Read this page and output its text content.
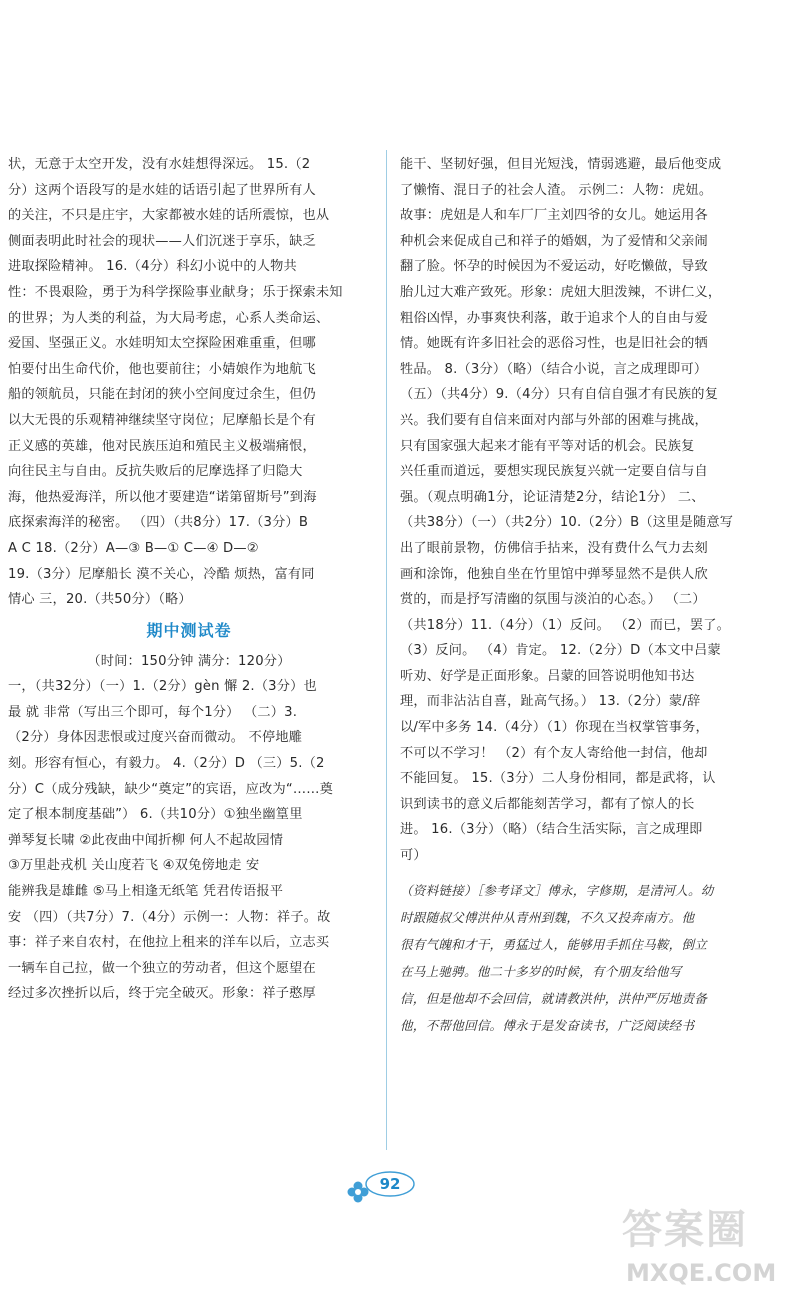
状，无意于太空开发，没有水娃想得深远。 15.（2
分）这两个语段写的是水娃的话语引起了世界所有人
的关注，不只是庄宇，大家都被水娃的话所震惊，也从
侧面表明此时社会的现状——人们沉迷于享乐，缺乏
进取探险精神。 16.（4分）科幻小说中的人物共
性：不畏艰险，勇于为科学探险事业献身；乐于探索未知
的世界；为人类的利益，为大局考虑，心系人类命运、
爱国、坚强正义。水娃明知太空探险困难重重，但哪
怕要付出生命代价，他也要前往；小婧娘作为地航飞
船的领航员，只能在封闭的狭小空间度过余生，但仍
以大无畏的乐观精神继续坚守岗位；尼摩船长是个有
正义感的英雄，他对民族压迫和殖民主义极端痛恨，
向往民主与自由。反抗失败后的尼摩选择了归隐大
海，他热爱海洋，所以他才要建造“诺第留斯号”到海
底探索海洋的秘密。 （四）（共8分）17.（3分）B
A C 18.（2分）A—③ B—① C—④ D—②
19.（3分）尼摩船长 漠不关心，冷酷 烦热，富有同
情心 三，20.（共50分）（略）
期中测试卷
（时间：150分钟 满分：120分）
一，（共32分）（一）1.（2分）gèn 懈 2.（3分）也
最 就 非常（写出三个即可，每个1分） （二）3.
（2分）身体因悲恨或过度兴奋而微动。 不停地雕
刻。形容有恒心，有毅力。 4.（2分）D （三）5.（2
分）C（成分残缺，缺少“奠定”的宾语，应改为“……奠
定了根本制度基础”） 6.（共10分）①独坐幽篁里
弹琴复长啸 ②此夜曲中闻折柳 何人不起故园情
③万里赴戎机 关山度若飞 ④双兔傍地走 安
能辨我是雄雌 ⑤马上相逢无纸笔 凭君传语报平
安 （四）（共7分）7.（4分）示例一：人物：祥子。故
事：祥子来自农村，在他拉上租来的洋车以后，立志买
一辆车自己拉，做一个独立的劳动者，但这个愿望在
经过多次挫折以后，终于完全破灭。形象：祥子憨厚
能干、坚韧好强，但目光短浅，情弱逃避，最后他变成
了懒惰、混日子的社会人渣。 示例二：人物：虎妞。
故事：虎妞是人和车厂厂主刘四爷的女儿。她运用各
种机会来促成自己和祥子的婚姻，为了爱情和父亲闹
翻了脸。怀孕的时候因为不爱运动，好吃懒做，导致
胎儿过大难产致死。形象：虎妞大胆泼辣，不讲仁义，
粗俗凶悍，办事爽快利落，敢于追求个人的自由与爱
情。她既有许多旧社会的恶俗习性，也是旧社会的牺
牲品。 8.（3分）（略）（结合小说，言之成理即可）
（五）（共4分）9.（4分）只有自信自强才有民族的复
兴。我们要有自信来面对内部与外部的困难与挑战，
只有国家强大起来才能有平等对话的机会。民族复
兴任重而道远，要想实现民族复兴就一定要自信与自
强。（观点明确1分，论证清楚2分，结论1分） 二、
（共38分）（一）（共2分）10.（2分）B（这里是随意写
出了眼前景物，仿佛信手拈来，没有费什么气力去刻
画和涂饰，他独自坐在竹里馆中弹琴显然不是供人欣
赏的，而是抒写清幽的氛围与淡泊的心态。） （二）
（共18分）11.（4分）（1）反问。 （2）而已，罢了。
（3）反问。 （4）肯定。 12.（2分）D（本文中吕蒙
听劝、好学是正面形象。吕蒙的回答说明他知书达
理，而非沾沾自喜，趾高气扬。） 13.（2分）蒙/辞
以/军中多务 14.（4分）（1）你现在当权掌管事务，
不可以不学习！ （2）有个友人寄给他一封信，他却
不能回复。 15.（3分）二人身份相同，都是武将，认
识到读书的意义后都能刻苦学习，都有了惊人的长
进。 16.（3分）（略）（结合生活实际，言之成理即
可）
（资料链接）［参考译文］傅永，字修期，是清河人。幼
时跟随叔父傅洪仲从青州到魏，不久又投奔南方。他
很有气魄和才干，勇猛过人，能够用手抓住马鞍，倒立
在马上驰骋。他二十多岁的时候，有个朋友给他写
信，但是他却不会回信，就请教洪仲，洪仲严厉地责备
他，不帮他回信。傅永于是发奋读书，广泛阅读经书
92
答案圈
MXQE.COM
